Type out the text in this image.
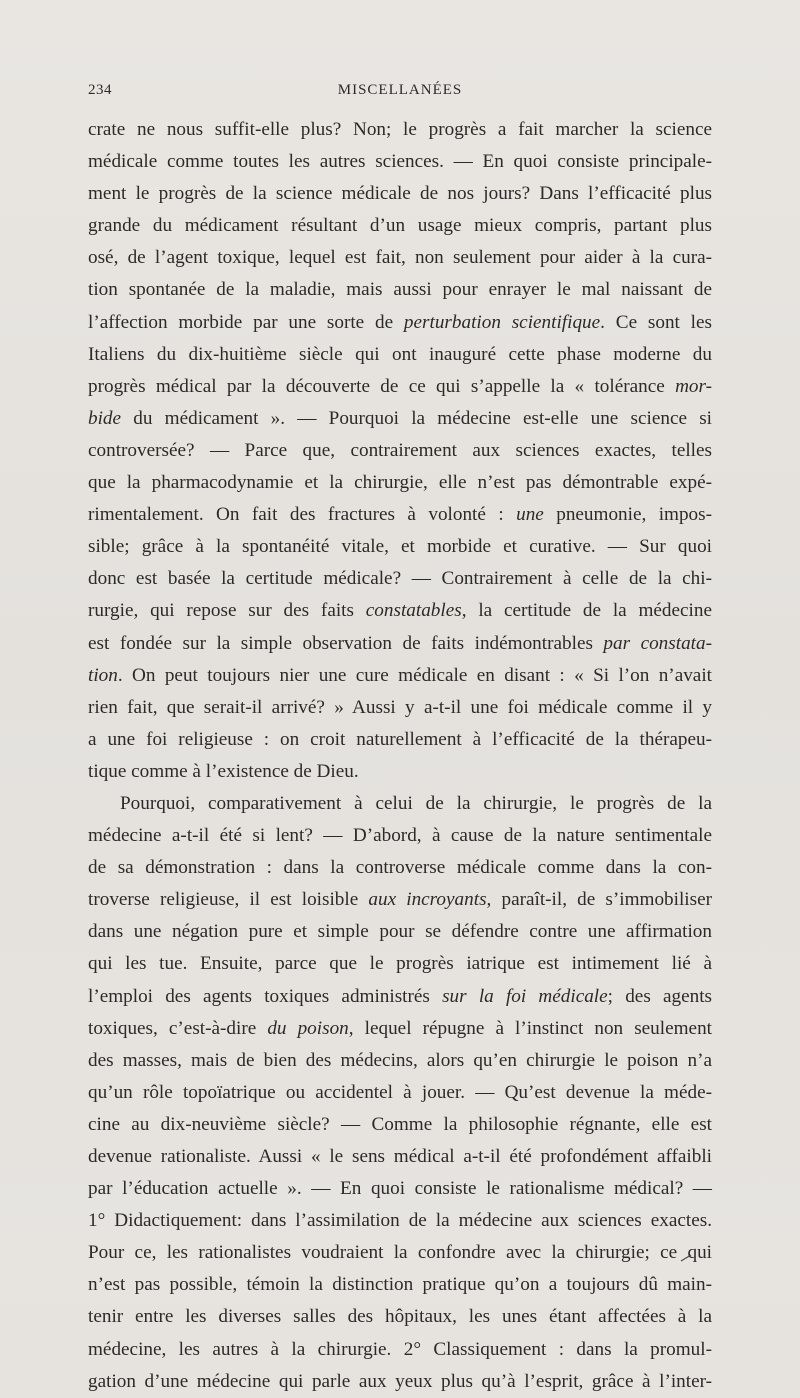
234	MISCELLANÉES
crate ne nous suffit-elle plus? Non; le progrès a fait marcher la science
médicale comme toutes les autres sciences. — En quoi consiste principale-
ment le progrès de la science médicale de nos jours? Dans l’efficacité plus
grande du médicament résultant d’un usage mieux compris, partant plus
osé, de l’agent toxique, lequel est fait, non seulement pour aider à la cura-
tion spontanée de la maladie, mais aussi pour enrayer le mal naissant de
l’affection morbide par une sorte de perturbation scientifique. Ce sont les
Italiens du dix-huitième siècle qui ont inauguré cette phase moderne du
progrès médical par la découverte de ce qui s’appelle la « tolérance mor-
bide du médicament ». — Pourquoi la médecine est-elle une science si
controversée? — Parce que, contrairement aux sciences exactes, telles
que la pharmacodynamie et la chirurgie, elle n’est pas démontrable expé-
rimentalement. On fait des fractures à volonté : une pneumonie, impos-
sible; grâce à la spontanéité vitale, et morbide et curative. — Sur quoi
donc est basée la certitude médicale? — Contrairement à celle de la chi-
rurgie, qui repose sur des faits constatables, la certitude de la médecine
est fondée sur la simple observation de faits indémontrables par constata-
tion. On peut toujours nier une cure médicale en disant : « Si l’on n’avait
rien fait, que serait-il arrivé? » Aussi y a-t-il une foi médicale comme il y
a une foi religieuse : on croit naturellement à l’efficacité de la thérapeu-
tique comme à l’existence de Dieu.
Pourquoi, comparativement à celui de la chirurgie, le progrès de la
médecine a-t-il été si lent? — D’abord, à cause de la nature sentimentale
de sa démonstration : dans la controverse médicale comme dans la con-
troverse religieuse, il est loisible aux incroyants, paraît-il, de s’immobiliser
dans une négation pure et simple pour se défendre contre une affirmation
qui les tue. Ensuite, parce que le progrès iatrique est intimement lié à
l’emploi des agents toxiques administrés sur la foi médicale; des agents
toxiques, c’est-à-dire du poison, lequel répugne à l’instinct non seulement
des masses, mais de bien des médecins, alors qu’en chirurgie le poison n’a
qu’un rôle topoïatrique ou accidentel à jouer. — Qu’est devenue la méde-
cine au dix-neuvième siècle? — Comme la philosophie régnante, elle est
devenue rationaliste. Aussi « le sens médical a-t-il été profondément affaibli
par l’éducation actuelle ». — En quoi consiste le rationalisme médical? —
1° Didactiquement: dans l’assimilation de la médecine aux sciences exactes.
Pour ce, les rationalistes voudraient la confondre avec la chirurgie; ce qui
n’est pas possible, témoin la distinction pratique qu’on a toujours dû main-
tenir entre les diverses salles des hôpitaux, les unes étant affectées à la
médecine, les autres à la chirurgie. 2° Classiquement : dans la promul-
gation d’une médecine qui parle aux yeux plus qu’à l’esprit, grâce à l’inter-
